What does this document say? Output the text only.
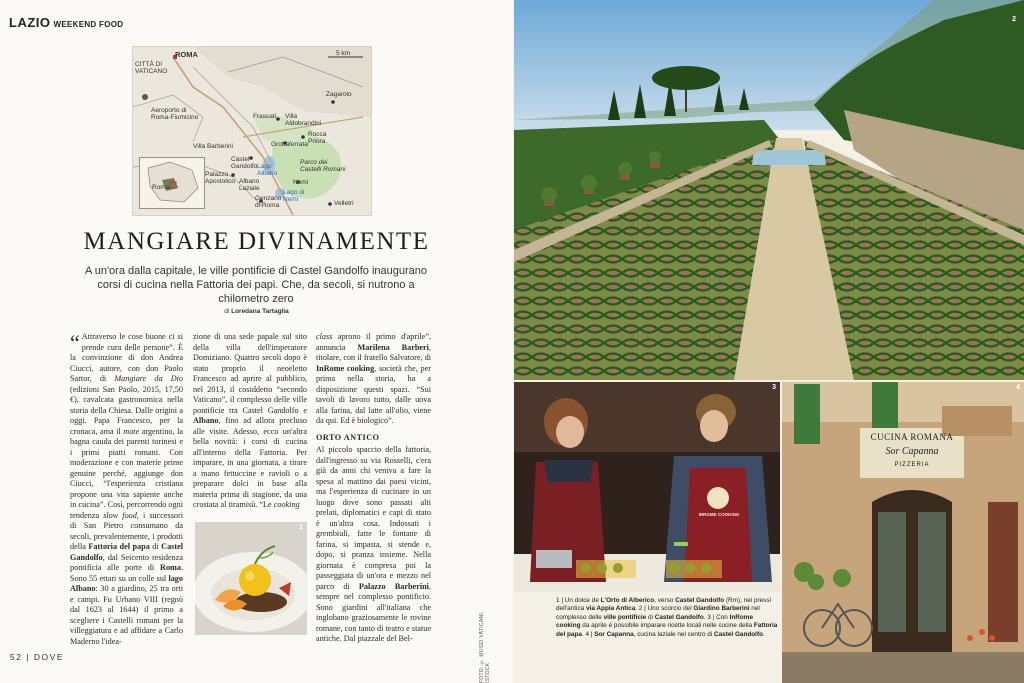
LAZIO WEEKEND FOOD
ROMA	5 km
CITTÀ DI VATICANO
Aeroporto di Roma-Fiumicino	Frascati Villa Aldobrandini
Zagarolo
Rocca Priora
Grottaferrata
Villa Barberini
Castel Gandolfo Lago Albano
Parco dei Castelli Romani
Palazzo Apostolico Albano Laziale
Nemi
Genzano di Roma
Lago di Nemi
Velletri
Roma
MANGIARE DIVINAMENTE
A un'ora dalla capitale, le ville pontificie di Castel Gandolfo inaugurano corsi di cucina nella Fattoria dei papi. Che, da secoli, si nutrono a chilometro zero
di Loredana Tartaglia
“ Attraverso le cose buone ci si prende cura delle persone”. È la convinzione di don Andrea Ciucci, autore, con don Paolo Sartor, di Mangiare da Dio (edizioni San Paolo, 2015, 17,50 €), cavalcata gastronomica nella storia della Chiesa. Dalle origini a oggi. Papa Francesco, per la cronaca, ama il mate argentino, la bagna cauda dei parenti torinesi e i primi piatti romani. Con moderazione e con materie prime genuine perché, aggiunge don Ciucci, “l'esperienza cristiana propone una vita sapiente anche in cucina”. Così, percorrendo ogni tendenza slow food, i successori di San Pietro consumano da secoli, prevalentemente, i prodotti della Fattoria del papa di Castel Gandolfo, dal Seicento residenza pontificia alle porte di Roma. Sono 55 ettari su un colle sul lago Albano: 30 a giardino, 25 tra orti e campi. Fu Urbano VIII (regnò dal 1623 al 1644) il primo a scegliere i Castelli romani per la villeggiatura e ad affidare a Carlo Maderno l'idea-

zione di una sede papale sul sito della villa dell'imperatore Domiziano. Quattro secoli dopo è stato proprio il neoeletto Francesco ad aprire al pubblico, nel 2013, il cosiddetto “secondo Vaticano”, il complesso delle ville pontificie tra Castel Gandolfo e Albano, fino ad allora precluso alle visite. Adesso, ecco un'altra bella novità: i corsi di cucina all'interno della Fattoria. Per imparare, in una giornata, a tirare a mano fettuccine e ravioli o a preparare dolci in base alla materia prima di stagione, da una crostata al tiramisù. “Le cooking

class aprono il primo d'aprile”, annuncia Marilena Barberi, titolare, con il fratello Salvatore, di InRome cooking, società che, per prima nella storia, ha a disposizione questi spazi. “Sui tavoli di lavoro tutto, dalle uova alla farina, dal latte all'olio, viene da qui. Ed è biologico”.

ORTO ANTICO

Al piccolo spaccio della fattoria, dall'ingresso su via Rosselli, c'era già da anni chi veniva a fare la spesa al mattino dai paesi vicini, ma l'esperienza di cucinare in un luogo dove sono passati alti prelati, diplomatici e capi di stato è un'altra cosa. Indossati i grembiuli, fatte le fontane di farina, si impasta, si stende e, dopo, si pranza insieme. Nella giornata è compresa poi la passeggiata di un'ora e mezzo nel parco di Palazzo Barberini, sempre nel complesso pontificio. Sono giardini all'italiana che inglobano graziosamente le rovine romane, con tanto di teatro e statue antiche. Dal piazzale del Bel-

1
52 | DOVE	FOTO: © MUSEI VATICANI, ISTOCK
2
INROME COOKING
3
CUCINA ROMANA
Sor Capanna
PIZZERIA
4
1 | Un dolce de L'Orto di Alberico, verso Castel Gandolfo (Rm), nei pressi dell'antica via Appia Antica. 2 | Uno scorcio del Giardino Barberini nel complesso delle ville pontificie di Castel Gandolfo. 3 | Con InRome cooking da aprile è possibile imparare ricette locali nelle cucine della Fattoria del papa. 4 | Sor Capanna, cucina laziale nel centro di Castel Gandolfo.
